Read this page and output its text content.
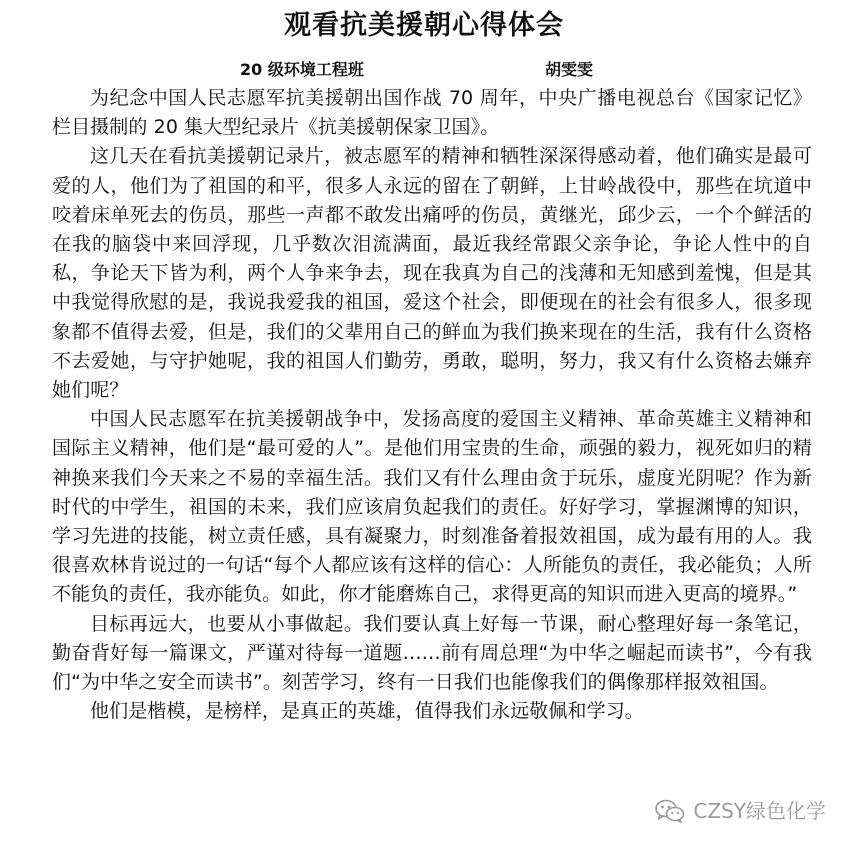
观看抗美援朝心得体会
20 级环境工程班	胡雯雯

为纪念中国人民志愿军抗美援朝出国作战 70 周年，中央广播电视总台《国家记忆》栏目摄制的 20 集大型纪录片《抗美援朝保家卫国》。

这几天在看抗美援朝记录片，被志愿军的精神和牺牲深深得感动着，他们确实是最可爱的人，他们为了祖国的和平，很多人永远的留在了朝鲜，上甘岭战役中，那些在坑道中咬着床单死去的伤员，那些一声都不敢发出痛呼的伤员，黄继光，邱少云，一个个鲜活的在我的脑袋中来回浮现，几乎数次泪流满面，最近我经常跟父亲争论，争论人性中的自私，争论天下皆为利，两个人争来争去，现在我真为自己的浅薄和无知感到羞愧，但是其中我觉得欣慰的是，我说我爱我的祖国，爱这个社会，即便现在的社会有很多人，很多现象都不值得去爱，但是，我们的父辈用自己的鲜血为我们换来现在的生活，我有什么资格不去爱她，与守护她呢，我的祖国人们勤劳，勇敢，聪明，努力，我又有什么资格去嫌弃她们呢？

中国人民志愿军在抗美援朝战争中，发扬高度的爱国主义精神、革命英雄主义精神和国际主义精神，他们是“最可爱的人”。是他们用宝贵的生命，顽强的毅力，视死如归的精神换来我们今天来之不易的幸福生活。我们又有什么理由贪于玩乐，虚度光阴呢？作为新时代的中学生，祖国的未来，我们应该肩负起我们的责任。好好学习，掌握渊博的知识，学习先进的技能，树立责任感，具有凝聚力，时刻准备着报效祖国，成为最有用的人。我很喜欢林肯说过的一句话“每个人都应该有这样的信心：人所能负的责任，我必能负；人所不能负的责任，我亦能负。如此，你才能磨炼自己，求得更高的知识而进入更高的境界。”

目标再远大，也要从小事做起。我们要认真上好每一节课，耐心整理好每一条笔记，勤奋背好每一篇课文，严谨对待每一道题……前有周总理“为中华之崛起而读书”，今有我们“为中华之安全而读书”。刻苦学习，终有一日我们也能像我们的偶像那样报效祖国。

他们是楷模，是榜样，是真正的英雄，值得我们永远敬佩和学习。

CZSY绿色化学
